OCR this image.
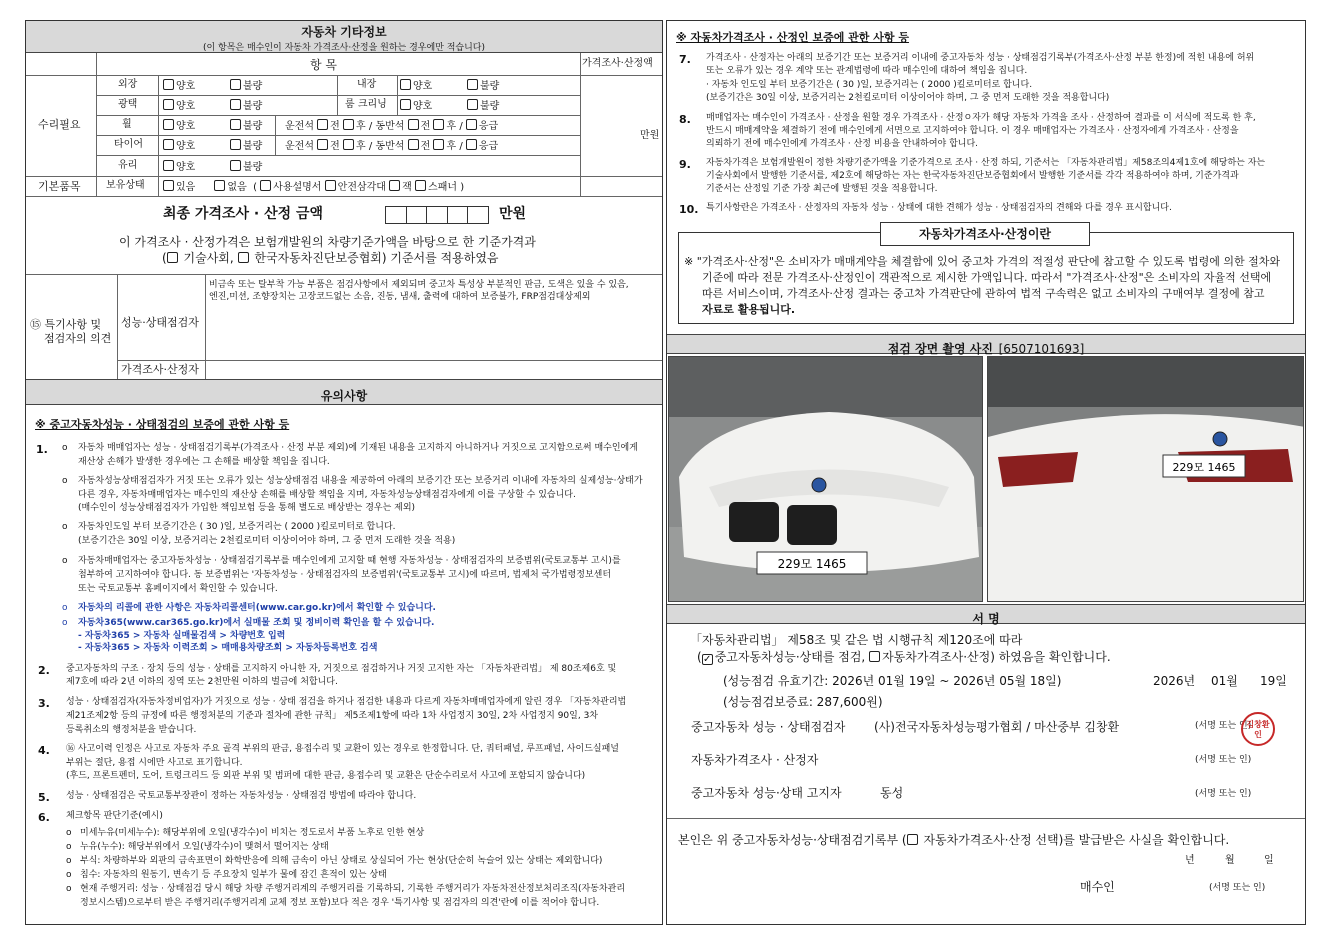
자동차 기타정보
(이 항목은 매수인이 자동차 가격조사·산정을 원하는 경우에만 적습니다)
항 목	가격조사·산정액
수리필요
기본품목
만원
외장	양호	불량	내장	양호	불량
광택	양호	불량	룸 크리닝	양호	불량
휠	양호	불량 운전석 전 후 / 동반석 전 후 / 응급
타이어	양호	불량 운전석 전 후 / 동반석 전 후 / 응급
유리	양호	불량
보유상태	있음	없음  ( 사용설명서 안전삼각대 잭 스패너 )
최종 가격조사 · 산정 금액	만원
이 가격조사 · 산정가격은 보험개발원의 차량기준가액을 바탕으로 한 기준가격과
( 기술사회, 한국자동차진단보증협회) 기준서를 적용하였음
⑮ 특기사항 및
점검자의 의견
성능·상태점검자
가격조사·산정자
비금속 또는 탈부착 가능 부품은 점검사항에서 제외되며 중고차 특성상 부분적인 판금, 도색은 있을 수 있음,
엔진,미션, 조향장치는 고장코드없는 소음, 진동, 냄새, 출력에 대하여 보증불가, FRP점검대상제외
유의사항
※ 중고자동차성능 · 상태점검의 보증에 관한 사항 등
1. o 자동차 매매업자는 성능 · 상태점검기록부(가격조사 · 산정 부분 제외)에 기재된 내용을 고지하지 아니하거나 거짓으로 고지함으로써 매수인에게
재산상 손해가 발생한 경우에는 그 손해를 배상할 책임을 집니다.
o 자동차성능상태점검자가 거짓 또는 오류가 있는 성능상태점검 내용을 제공하여 아래의 보증기간 또는 보증거리 이내에 자동차의 실제성능·상태가
다른 경우, 자동차매매업자는 매수인의 재산상 손해를 배상할 책임을 지며, 자동차성능상태점검자에게 이를 구상할 수 있습니다.
(매수인이 성능상태점검자가 가입한 책임보험 등을 통해 별도로 배상받는 경우는 제외)
o 자동차인도일 부터 보증기간은 ( 30 )일, 보증거리는 ( 2000 )킬로미터로 합니다.
(보증기간은 30일 이상, 보증거리는 2천킬로미터 이상이어야 하며, 그 중 먼저 도래한 것을 적용)
o 자동차매매업자는 중고자동차성능 · 상태점검기록부를 매수인에게 고지할 때 현행 자동차성능 · 상태점검자의 보증범위(국토교통부 고시)를
첨부하여 고지하여야 합니다. 동 보증범위는 '자동차성능 · 상태점검자의 보증범위'(국토교통부 고시)에 따르며, 법제처 국가법령정보센터
또는 국토교통부 홈페이지에서 확인할 수 있습니다.
o 자동차의 리콜에 관한 사항은 자동차리콜센터(www.car.go.kr)에서 확인할 수 있습니다.
o 자동차365(www.car365.go.kr)에서 실매물 조회 및 정비이력 확인을 할 수 있습니다.
- 자동차365 > 자동차 실매물검색 > 차량번호 입력
- 자동차365 > 자동차 이력조회 > 매매용차량조회 > 자동차등록번호 검색
2. 중고자동차의 구조 · 장치 등의 성능 · 상태를 고지하지 아니한 자, 거짓으로 점검하거나 거짓 고지한 자는 「자동차관리법」 제 80조제6호 및
제7호에 따라 2년 이하의 징역 또는 2천만원 이하의 벌금에 처합니다.
3. 성능 · 상태점검자(자동차정비업자)가 거짓으로 성능 · 상태 점검을 하거나 점검한 내용과 다르게 자동차매매업자에게 알린 경우 「자동차관리법
제21조제2항 등의 규정에 따른 행정처분의 기준과 절차에 관한 규칙」 제5조제1항에 따라 1차 사업정지 30일, 2차 사업정지 90일, 3차
등록취소의 행정처분을 받습니다.
4. ⑯ 사고이력 인정은 사고로 자동차 주요 골격 부위의 판금, 용접수리 및 교환이 있는 경우로 한정합니다. 단, 쿼터패널, 루프패널, 사이드실패널
부위는 절단, 용접 시에만 사고로 표기합니다.
(후드, 프론트펜더, 도어, 트렁크리드 등 외판 부위 및 범퍼에 대한 판금, 용접수리 및 교환은 단순수리로서 사고에 포함되지 않습니다)
5. 성능 · 상태점검은 국토교통부장관이 정하는 자동차성능 · 상태점검 방법에 따라야 합니다.
6. 체크항목 판단기준(예시)
o 미세누유(미세누수): 해당부위에 오일(냉각수)이 비치는 정도로서 부품 노후로 인한 현상
o 누유(누수): 해당부위에서 오일(냉각수)이 맺혀서 떨어지는 상태
o 부식: 차량하부와 외판의 금속표면이 화학반응에 의해 금속이 아닌 상태로 상실되어 가는 현상(단순히 녹슬어 있는 상태는 제외합니다)
o 침수: 자동차의 원동기, 변속기 등 주요장치 일부가 물에 잠긴 흔적이 있는 상태
o 현재 주행거리: 성능 · 상태점검 당시 해당 차량 주행거리계의 주행거리를 기록하되, 기록한 주행거리가 자동차전산정보처리조직(자동차관리
정보시스템)으로부터 받은 주행거리(주행거리계 교체 정보 포함)보다 적은 경우 '특기사항 및 점검자의 의견'란에 이를 적어야 합니다.
※ 자동차가격조사 · 산정인 보증에 관한 사항 등
7. 가격조사 · 산정자는 아래의 보증기간 또는 보증거리 이내에 중고자동차 성능 · 상태점검기록부(가격조사·산정 부분 한정)에 적힌 내용에 허위
또는 오류가 있는 경우 계약 또는 관계법령에 따라 매수인에 대하여 책임을 집니다.
· 자동차 인도일 부터 보증기간은 ( 30 )일, 보증거리는 ( 2000 )킬로미터로 합니다.
(보증기간은 30일 이상, 보증거리는 2천킬로미터 이상이어야 하며, 그 중 먼저 도래한 것을 적용합니다)
8. 매매업자는 매수인이 가격조사 · 산정을 원할 경우 가격조사 · 산정ㅇ자가 해당 자동차 가격을 조사 · 산정하여 결과를 이 서식에 적도록 한 후,
반드시 매매계약을 체결하기 전에 매수인에게 서면으로 고지하여야 합니다. 이 경우 매매업자는 가격조사 · 산정자에게 가격조사 · 산정을
의뢰하기 전에 매수인에게 가격조사 · 산정 비용을 안내하여야 합니다.
9. 자동차가격은 보험개발원이 정한 차량기준가액을 기준가격으로 조사 · 산정 하되, 기준서는 「자동차관리법」제58조의4제1호에 해당하는 자는
기술사회에서 발행한 기준서를, 제2호에 해당하는 자는 한국자동차진단보증협회에서 발행한 기준서를 각각 적용하여야 하며, 기준가격과
기준서는 산정일 기준 가장 최근에 발행된 것을 적용합니다.
10. 특기사항란은 가격조사 · 산정자의 자동차 성능 · 상태에 대한 견해가 성능 · 상태점검자의 견해와 다를 경우 표시합니다.
자동차가격조사·산정이란
※ "가격조사·산정"은 소비자가 매매계약을 체결함에 있어 중고차 가격의 적절성 판단에 참고할 수 있도록 법령에 의한 절차와
기준에 따라 전문 가격조사·산정인이 객관적으로 제시한 가액입니다. 따라서 "가격조사·산정"은 소비자의 자율적 선택에
따른 서비스이며, 가격조사·산정 결과는 중고차 가격판단에 관하여 법적 구속력은 없고 소비자의 구매여부 결정에 참고
자료로 활용됩니다.
점검 장면 촬영 사진 [6507101693]
229모 1465
229모 1465
서 명
「자동차관리법」 제58조 및 같은 법 시행규칙 제120조에 따라
(✓ 중고자동차성능·상태를 점검, 자동차가격조사·산정) 하였음을 확인합니다.
(성능점검 유효기간: 2026년 01월 19일 ~ 2026년 05월 18일)	2026년 01월 19일
(성능점검보증료: 287,600원)
중고자동차 성능 · 상태점검자 (사)전국자동차성능평가협회 / 마산중부 김창환	(서명 또는 인)
김창환인
자동차가격조사 · 산정자	(서명 또는 인)
중고자동차 성능·상태 고지자	동성	(서명 또는 인)
본인은 위 중고자동차성능·상태점검기록부 ( 자동차가격조사·산정 선택)를 발급받은 사실을 확인합니다.
년	월	일
매수인	(서명 또는 인)
